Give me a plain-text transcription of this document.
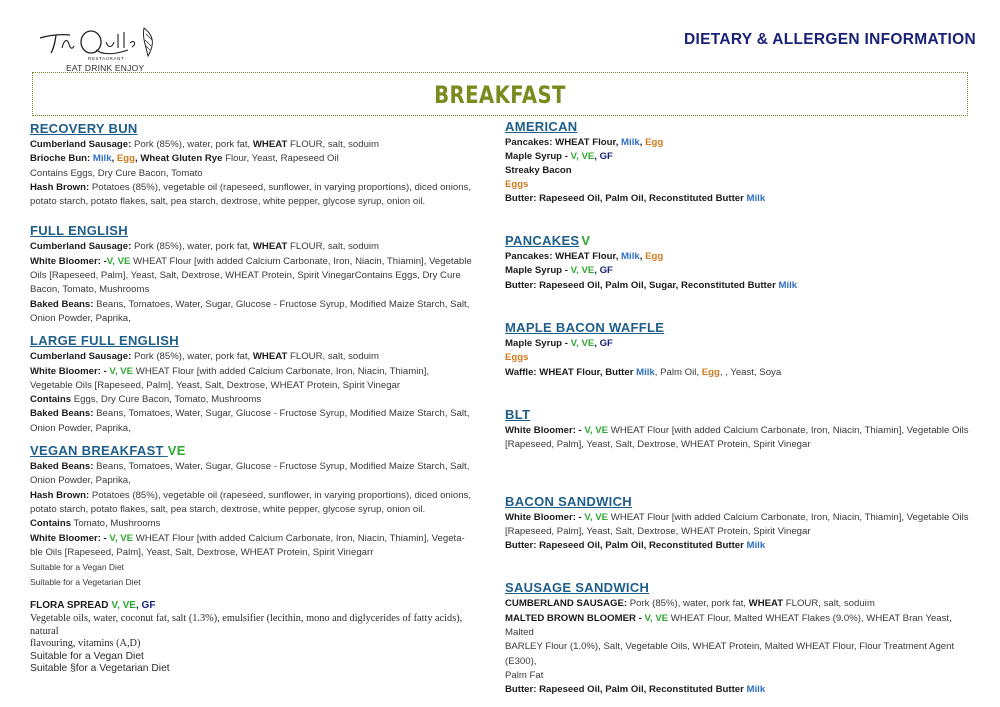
RESTAURANT
EAT DRINK ENJOY
DIETARY & ALLERGEN INFORMATION
BREAKFAST
RECOVERY BUN
Cumberland Sausage: Pork (85%), water, pork fat, WHEAT FLOUR, salt, soduim
Brioche Bun: Milk, Egg, Wheat Gluten Rye Flour, Yeast, Rapeseed Oil
Contains Eggs, Dry Cure Bacon, Tomato
Hash Brown: Potatoes (85%), vegetable oil (rapeseed, sunflower, in varying proportions), diced onions,
potato starch, potato flakes, salt, pea starch, dextrose, white pepper, glycose syrup, onion oil.
FULL ENGLISH
Cumberland Sausage: Pork (85%), water, pork fat, WHEAT FLOUR, salt, soduim
White Bloomer: -V, VE WHEAT Flour [with added Calcium Carbonate, Iron, Niacin, Thiamin], Vegetable
Oils [Rapeseed, Palm], Yeast, Salt, Dextrose, WHEAT Protein, Spirit VinegarContains Eggs, Dry Cure
Bacon, Tomato, Mushrooms
Baked Beans: Beans, Tomatoes, Water, Sugar, Glucose - Fructose Syrup, Modified Maize Starch, Salt,
Onion Powder, Paprika,
LARGE FULL ENGLISH
Cumberland Sausage: Pork (85%), water, pork fat, WHEAT FLOUR, salt, soduim
White Bloomer: - V, VE WHEAT Flour [with added Calcium Carbonate, Iron, Niacin, Thiamin],
Vegetable Oils [Rapeseed, Palm], Yeast, Salt, Dextrose, WHEAT Protein, Spirit Vinegar
Contains Eggs, Dry Cure Bacon, Tomato, Mushrooms
Baked Beans: Beans, Tomatoes, Water, Sugar, Glucose - Fructose Syrup, Modified Maize Starch, Salt,
Onion Powder, Paprika,
VEGAN BREAKFAST VE
Baked Beans: Beans, Tomatoes, Water, Sugar, Glucose - Fructose Syrup, Modified Maize Starch, Salt,
Onion Powder, Paprika,
Hash Brown: Potatoes (85%), vegetable oil (rapeseed, sunflower, in varying proportions), diced onions,
potato starch, potato flakes, salt, pea starch, dextrose, white pepper, glycose syrup, onion oil.
Contains Tomato, Mushrooms
White Bloomer: - V, VE WHEAT Flour [with added Calcium Carbonate, Iron, Niacin, Thiamin], Vegeta-
ble Oils [Rapeseed, Palm], Yeast, Salt, Dextrose, WHEAT Protein, Spirit Vinegarr
Suitable for a Vegan Diet
Suitable for a Vegetarian Diet
FLORA SPREAD V, VE, GF
Vegetable oils, water, coconut fat, salt (1.3%), emulsifier (lecithin, mono and diglycerides of fatty acids), natural
flavouring, vitamins (A,D)
Suitable for a Vegan Diet
Suitable §for a Vegetarian Diet
AMERICAN
Pancakes: WHEAT Flour, Milk, Egg
Maple Syrup - V, VE, GF
Streaky Bacon
Eggs
Butter: Rapeseed Oil, Palm Oil, Reconstituted Butter Milk
PANCAKES V
Pancakes: WHEAT Flour, Milk, Egg
Maple Syrup - V, VE, GF
Butter: Rapeseed Oil, Palm Oil, Sugar, Reconstituted Butter Milk
MAPLE BACON WAFFLE
Maple Syrup - V, VE, GF
Eggs
Waffle: WHEAT Flour, Butter Milk, Palm Oil, Egg, , Yeast, Soya
BLT
White Bloomer: - V, VE WHEAT Flour [with added Calcium Carbonate, Iron, Niacin, Thiamin], Vegetable Oils
[Rapeseed, Palm], Yeast, Salt, Dextrose, WHEAT Protein, Spirit Vinegar
BACON SANDWICH
White Bloomer: - V, VE WHEAT Flour [with added Calcium Carbonate, Iron, Niacin, Thiamin], Vegetable Oils
[Rapeseed, Palm], Yeast, Salt, Dextrose, WHEAT Protein, Spirit Vinegar
Butter: Rapeseed Oil, Palm Oil, Reconstituted Butter Milk
SAUSAGE SANDWICH
CUMBERLAND SAUSAGE: Pork (85%), water, pork fat, WHEAT FLOUR, salt, soduim
MALTED BROWN BLOOMER - V, VE WHEAT Flour, Malted WHEAT Flakes (9.0%), WHEAT Bran Yeast, Malted
BARLEY Flour (1.0%), Salt, Vegetable Oils, WHEAT Protein, Malted WHEAT Flour, Flour Treatment Agent (E300),
Palm Fat
Butter: Rapeseed Oil, Palm Oil, Reconstituted Butter Milk
